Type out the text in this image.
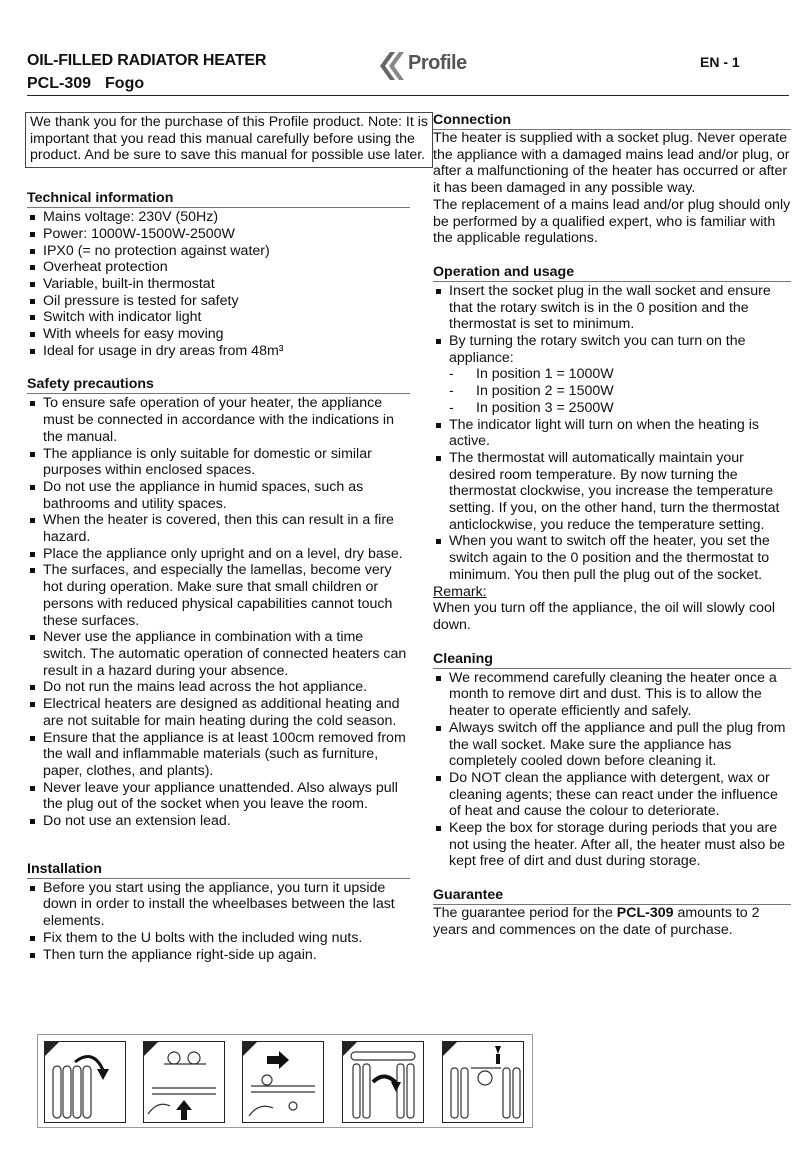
OIL-FILLED RADIATOR HEATER
PCL-309 Fogo
Profile	EN - 1

We thank you for the purchase of this Profile product. Note: It is important that you read this manual carefully before using the product. And be sure to save this manual for possible use later.

Technical information
Mains voltage: 230V (50Hz)
Power: 1000W-1500W-2500W
IPX0 (= no protection against water)
Overheat protection
Variable, built-in thermostat
Oil pressure is tested for safety
Switch with indicator light
With wheels for easy moving
Ideal for usage in dry areas from 48m³
Safety precautions
To ensure safe operation of your heater, the appliance must be connected in accordance with the indications in the manual.
The appliance is only suitable for domestic or similar purposes within enclosed spaces.
Do not use the appliance in humid spaces, such as bathrooms and utility spaces.
When the heater is covered, then this can result in a fire hazard.
Place the appliance only upright and on a level, dry base.
The surfaces, and especially the lamellas, become very hot during operation. Make sure that small children or persons with reduced physical capabilities cannot touch these surfaces.
Never use the appliance in combination with a time switch. The automatic operation of connected heaters can result in a hazard during your absence.
Do not run the mains lead across the hot appliance.
Electrical heaters are designed as additional heating and are not suitable for main heating during the cold season.
Ensure that the appliance is at least 100cm removed from the wall and inflammable materials (such as furniture, paper, clothes, and plants).
Never leave your appliance unattended. Also always pull the plug out of the socket when you leave the room.
Do not use an extension lead.
Installation
Before you start using the appliance, you turn it upside down in order to install the wheelbases between the last elements.
Fix them to the U bolts with the included wing nuts.
Then turn the appliance right-side up again.
Connection

The heater is supplied with a socket plug. Never operate the appliance with a damaged mains lead and/or plug, or after a malfunctioning of the heater has occurred or after it has been damaged in any possible way.

The replacement of a mains lead and/or plug should only be performed by a qualified expert, who is familiar with the applicable regulations.

Operation and usage
Insert the socket plug in the wall socket and ensure that the rotary switch is in the 0 position and the thermostat is set to minimum.
By turning the rotary switch you can turn on the appliance:
- In position 1 = 1000W
- In position 2 = 1500W
- In position 3 = 2500W
The indicator light will turn on when the heating is active.
The thermostat will automatically maintain your desired room temperature. By now turning the thermostat clockwise, you increase the temperature setting. If you, on the other hand, turn the thermostat anticlockwise, you reduce the temperature setting.
When you want to switch off the heater, you set the switch again to the 0 position and the thermostat to minimum. You then pull the plug out of the socket.

Remark:

When you turn off the appliance, the oil will slowly cool down.

Cleaning
We recommend carefully cleaning the heater once a month to remove dirt and dust. This is to allow the heater to operate efficiently and safely.
Always switch off the appliance and pull the plug from the wall socket. Make sure the appliance has completely cooled down before cleaning it.
Do NOT clean the appliance with detergent, wax or cleaning agents; these can react under the influence of heat and cause the colour to deteriorate.
Keep the box for storage during periods that you are not using the heater. After all, the heater must also be kept free of dirt and dust during storage.
Guarantee

The guarantee period for the PCL-309 amounts to 2 years and commences on the date of purchase.
